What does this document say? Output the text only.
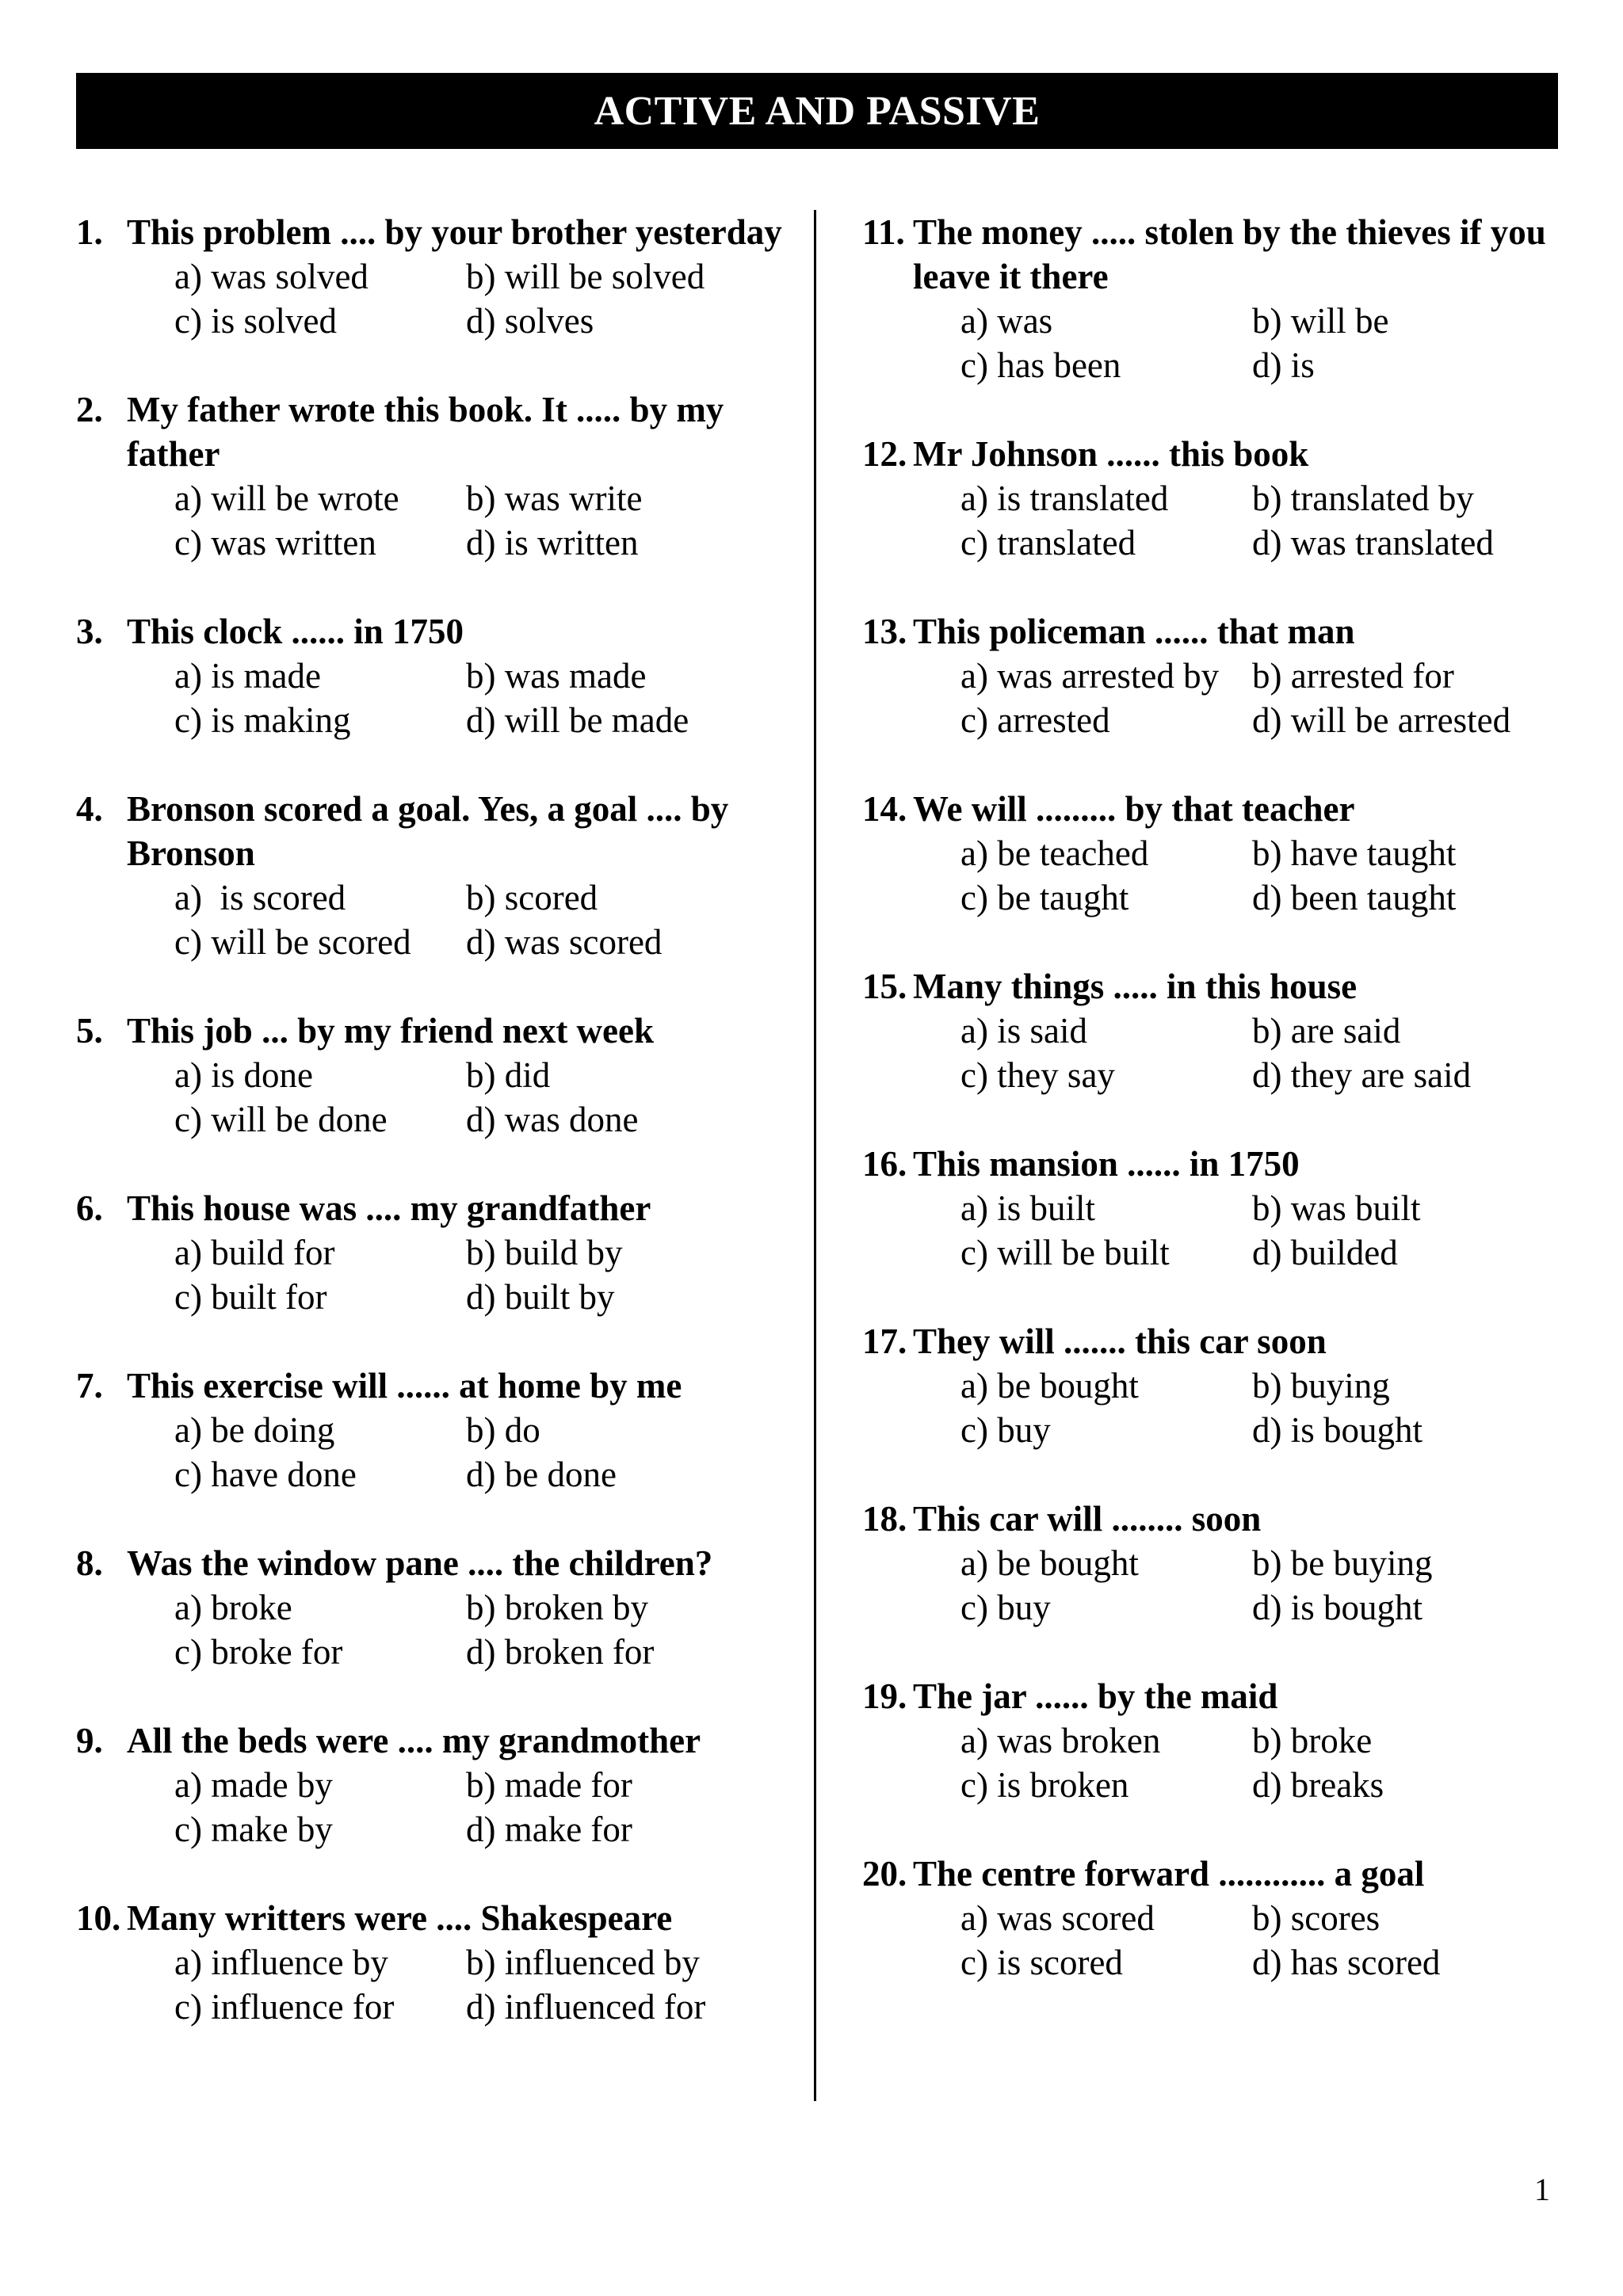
ACTIVE AND PASSIVE
1. This problem .... by your brother yesterday
a) was solved	b) will be solved
c) is solved	d) solves
2. My father wrote this book. It ..... by my father
a) will be wrote	b) was write
c) was written	d) is written
3. This clock ...... in 1750
a) is made	b) was made
c) is making	d) will be made
4. Bronson scored a goal. Yes, a goal .... by Bronson
a)  is scored	b) scored
c) will be scored	d) was scored
5. This job ... by my friend next week
a) is done	b) did
c) will be done	d) was done
6. This house was .... my grandfather
a) build for	b) build by
c) built for	d) built by
7. This exercise will ...... at home by me
a) be doing	b) do
c) have done	d) be done
8. Was the window pane .... the children?
a) broke	b) broken by
c) broke for	d) broken for
9. All the beds were .... my grandmother
a) made by	b) made for
c) make by	d) make for
10. Many writters were .... Shakespeare
a) influence by	b) influenced by
c) influence for	d) influenced for
11. The money ..... stolen by the thieves if you leave it there
a) was	b) will be
c) has been	d) is
12. Mr Johnson ...... this book
a) is translated	b) translated by
c) translated	d) was translated
13. This policeman ...... that man
a) was arrested by b) arrested for
c) arrested	d) will be arrested
14. We will ......... by that teacher
a) be teached	b) have taught
c) be taught	d) been taught
15. Many things ..... in this house
a) is said	b) are said
c) they say	d) they are said
16. This mansion ...... in 1750
a) is built	b) was built
c) will be built	d) builded
17. They will ....... this car soon
a) be bought	b) buying
c) buy	d) is bought
18. This car will ........ soon
a) be bought	b) be buying
c) buy	d) is bought
19. The jar ...... by the maid
a) was broken	b) broke
c) is broken	d) breaks
20. The centre forward ............ a goal
a) was scored	b) scores
c) is scored	d) has scored
1
